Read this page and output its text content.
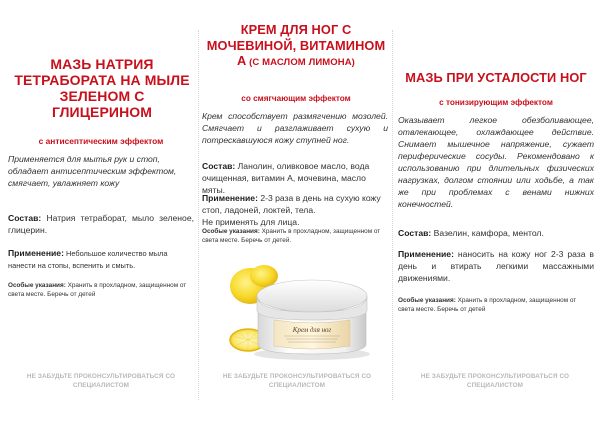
МАЗЬ НАТРИЯ ТЕТРАБОРАТА НА МЫЛЕ ЗЕЛЕНОМ С ГЛИЦЕРИНОМ
с антисептическим эффектом
Применяется для мытья рук и стоп, обладает антисептическим эффектом, смягчает, увлажняет кожу
Состав: Натрия тетраборат, мыло зеленое, глицерин.
Применение: Небольшое количество мыла нанести на стопы, вспенить и смыть.
Особые указания: Хранить в прохладном, защищенном от света месте. Беречь от детей
НЕ ЗАБУДЬТЕ ПРОКОНСУЛЬТИРОВАТЬСЯ СО СПЕЦИАЛИСТОМ
КРЕМ ДЛЯ НОГ С МОЧЕВИНОЙ, ВИТАМИНОМ А (С МАСЛОМ ЛИМОНА)
со смягчающим эффектом
Крем способствует размягчению мозолей. Смягчает и разглаживает сухую и потрескавшуюся кожу ступней ног.
Состав: Ланолин, оливковое масло, вода очищенная, витамин А, мочевина, масло мяты.
Применение: 2-3 раза в день на сухую кожу стоп, ладоней, локтей, тела.
Не применять для лица.
Особые указания: Хранить в прохладном, защищенном от света месте. Беречь от детей.
Крем для ног
НЕ ЗАБУДЬТЕ ПРОКОНСУЛЬТИРОВАТЬСЯ СО СПЕЦИАЛИСТОМ
МАЗЬ ПРИ УСТАЛОСТИ НОГ
с тонизирующим эффектом
Оказывает легкое обезболивающее, отвлекающее, охлаждающее действие. Снимает мышечное напряжение, сужает периферические сосуды. Рекомендовано к использованию при длительных физических нагрузках, долгом стоянии или ходьбе, а так же при проблемах с венами нижних конечностей.
Состав: Вазелин, камфора, ментол.
Применение: наносить на кожу ног 2-3 раза в день и втирать легкими массажными движениями.
Особые указания: Хранить в прохладном, защищенном от света месте. Беречь от детей
НЕ ЗАБУДЬТЕ ПРОКОНСУЛЬТИРОВАТЬСЯ СО СПЕЦИАЛИСТОМ
